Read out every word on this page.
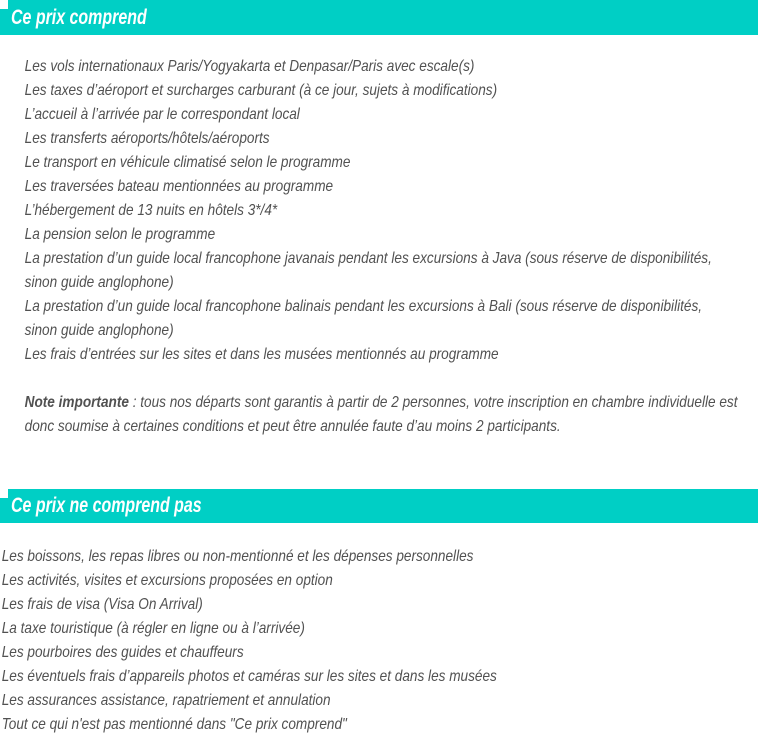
Ce prix comprend
Les vols internationaux Paris/Yogyakarta et Denpasar/Paris avec escale(s)
Les taxes d’aéroport et surcharges carburant (à ce jour, sujets à modifications)
L’accueil à l’arrivée par le correspondant local
Les transferts aéroports/hôtels/aéroports
Le transport en véhicule climatisé selon le programme
Les traversées bateau mentionnées au programme
L’hébergement de 13 nuits en hôtels 3*/4*
La pension selon le programme
La prestation d’un guide local francophone javanais pendant les excursions à Java (sous réserve de disponibilités, sinon guide anglophone)
La prestation d’un guide local francophone balinais pendant les excursions à Bali (sous réserve de disponibilités, sinon guide anglophone)
Les frais d’entrées sur les sites et dans les musées mentionnés au programme

Note importante : tous nos départs sont garantis à partir de 2 personnes, votre inscription en chambre individuelle est donc soumise à certaines conditions et peut être annulée faute d’au moins 2 participants.

Ce prix ne comprend pas
Les boissons, les repas libres ou non-mentionné et les dépenses personnelles
Les activités, visites et excursions proposées en option
Les frais de visa (Visa On Arrival)
La taxe touristique (à régler en ligne ou à l’arrivée)
Les pourboires des guides et chauffeurs
Les éventuels frais d’appareils photos et caméras sur les sites et dans les musées
Les assurances assistance, rapatriement et annulation
Tout ce qui n'est pas mentionné dans "Ce prix comprend"
